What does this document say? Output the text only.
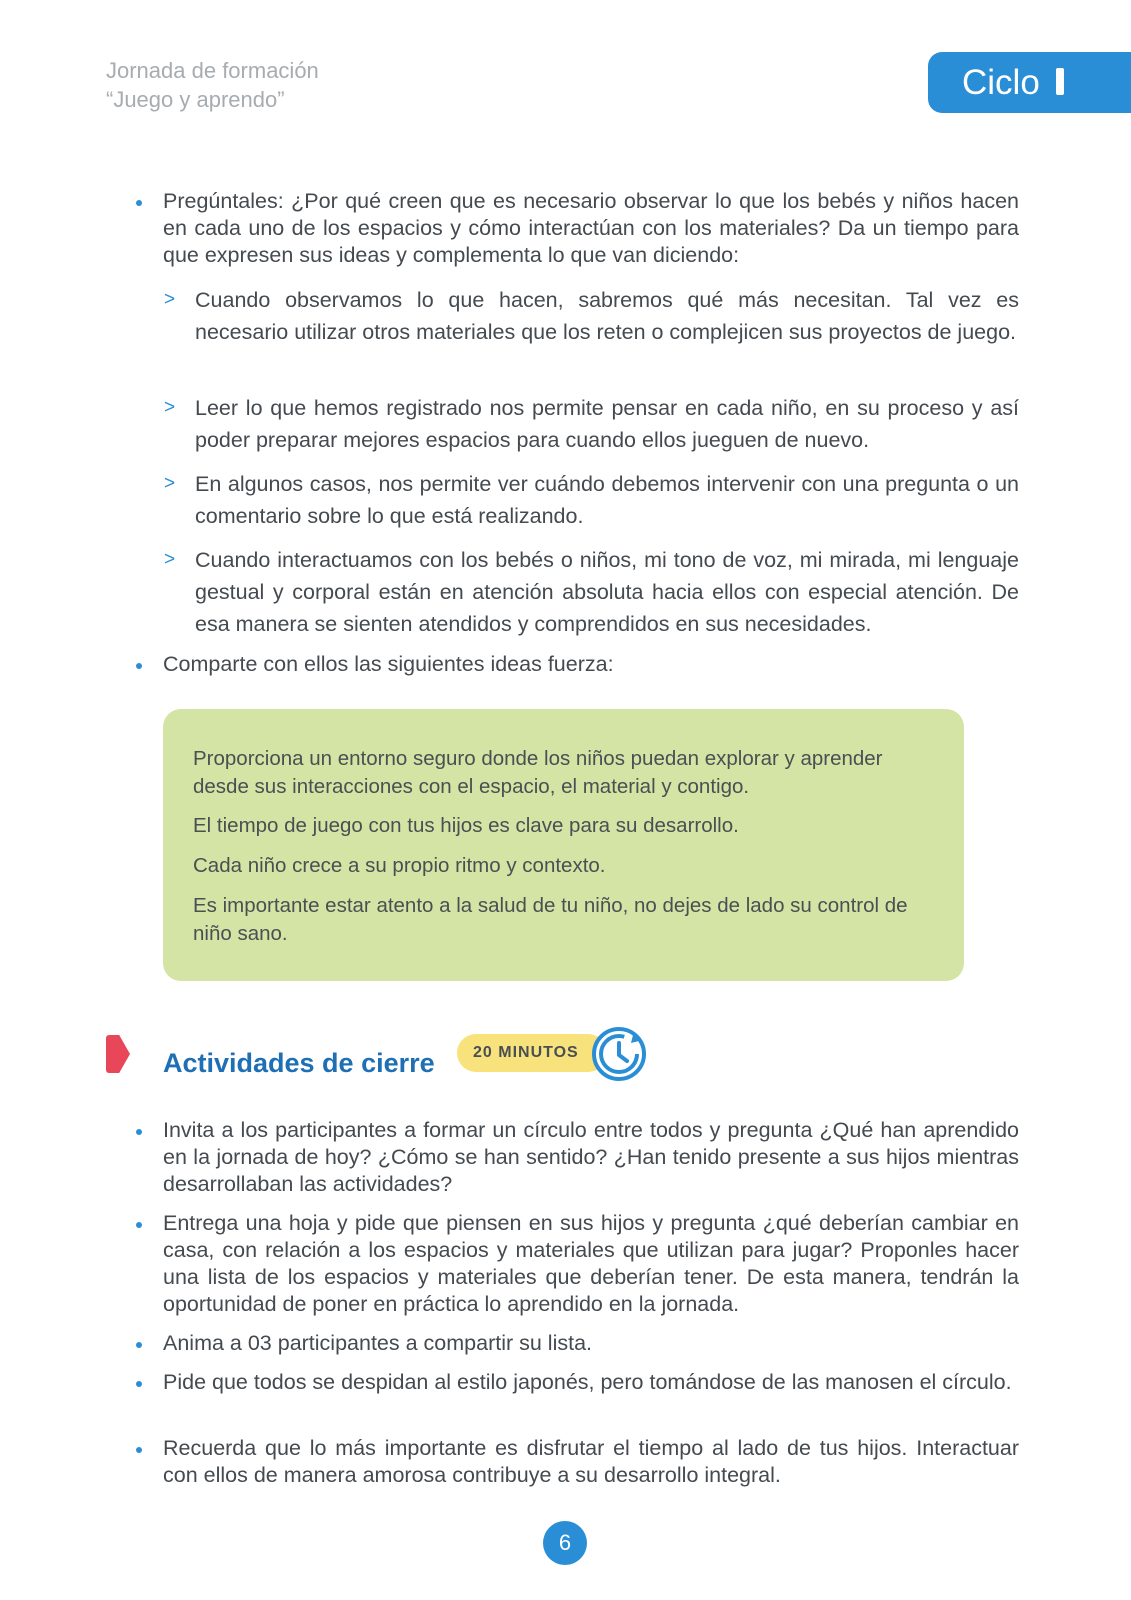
Jornada de formación
“Juego y aprendo”	Ciclo
Pregúntales: ¿Por qué creen que es necesario observar lo que los bebés y niños hacen en cada uno de los espacios y cómo interactúan con los materiales? Da un tiempo para que expresen sus ideas y complementa lo que van diciendo:
> Cuando observamos lo que hacen, sabremos qué más necesitan. Tal vez es necesario utilizar otros materiales que los reten o complejicen sus proyectos de juego.
> Leer lo que hemos registrado nos permite pensar en cada niño, en su proceso y así poder preparar mejores espacios para cuando ellos jueguen de nuevo.
> En algunos casos, nos permite ver cuándo debemos intervenir con una pregunta o un comentario sobre lo que está realizando.
> Cuando interactuamos con los bebés o niños, mi tono de voz, mi mirada, mi lenguaje gestual y corporal están en atención absoluta hacia ellos con especial atención. De esa manera se sienten atendidos y comprendidos en sus necesidades.
Comparte con ellos las siguientes ideas fuerza:
Proporciona un entorno seguro donde los niños puedan explorar y aprender desde sus interacciones con el espacio, el material y contigo.
El tiempo de juego con tus hijos es clave para su desarrollo.
Cada niño crece a su propio ritmo y contexto.
Es importante estar atento a la salud de tu niño, no dejes de lado su control de niño sano.
Actividades de cierre	20 MINUTOS
Invita a los participantes a formar un círculo entre todos y pregunta ¿Qué han aprendido en la jornada de hoy? ¿Cómo se han sentido? ¿Han tenido presente a sus hijos mientras desarrollaban las actividades?
Entrega una hoja y pide que piensen en sus hijos y pregunta ¿qué deberían cambiar en casa, con relación a los espacios y materiales que utilizan para jugar? Proponles hacer una lista de los espacios y materiales que deberían tener. De esta manera, tendrán la oportunidad de poner en práctica lo aprendido en la jornada.
Anima a 03 participantes a compartir su lista.
Pide que todos se despidan al estilo japonés, pero tomándose de las manosen el círculo.
Recuerda que lo más importante es disfrutar el tiempo al lado de tus hijos. Interactuar con ellos de manera amorosa contribuye a su desarrollo integral.
6
